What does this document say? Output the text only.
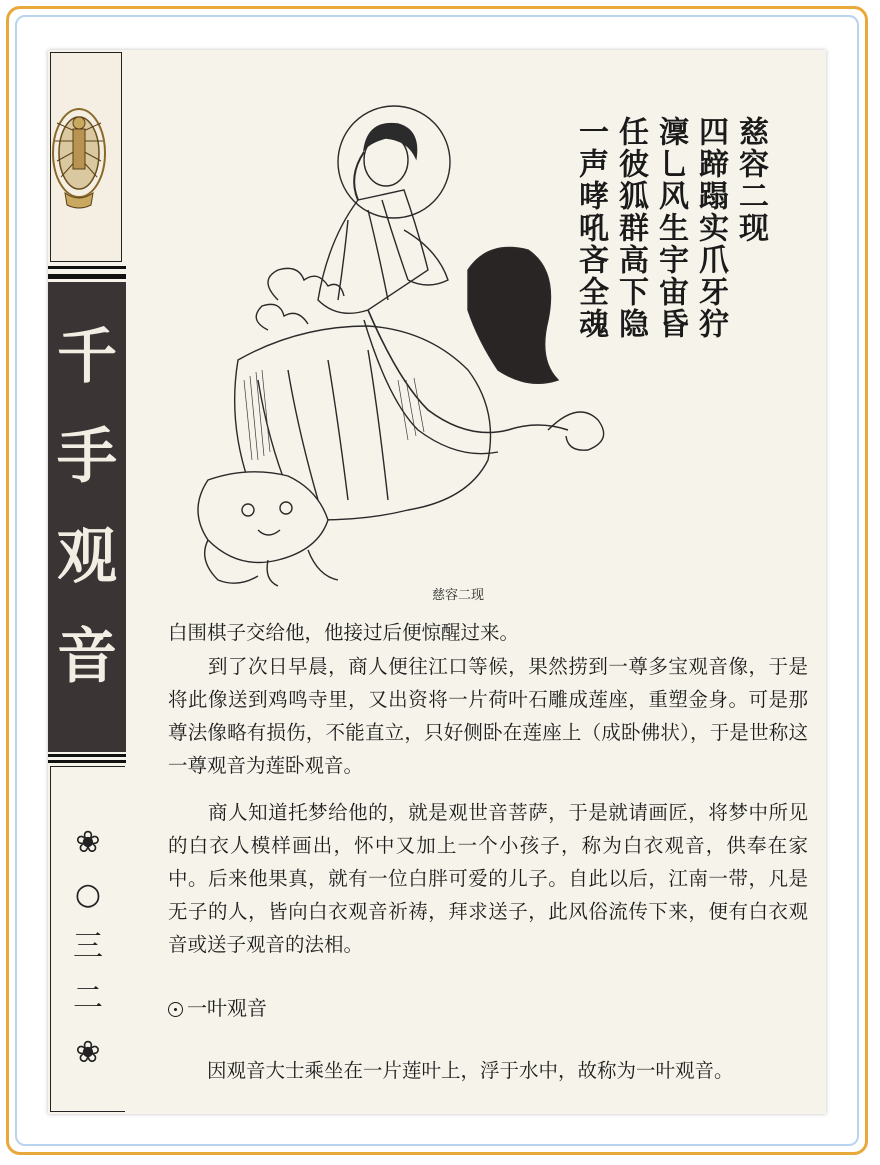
千
手
观
音
❀
○
三
二
❀
慈容二现
慈容二现
四蹄蹋实爪牙狞
澟乚风生宇宙昏
任彼狐群高下隐
一声哮吼吝全魂

白围棋子交给他，他接过后便惊醒过来。

　　到了次日早晨，商人便往江口等候，果然捞到一尊多宝观音像，于是将此像送到鸡鸣寺里，又出资将一片荷叶石雕成莲座，重塑金身。可是那尊法像略有损伤，不能直立，只好侧卧在莲座上（成卧佛状），于是世称这一尊观音为莲卧观音。

　　商人知道托梦给他的，就是观世音菩萨，于是就请画匠，将梦中所见的白衣人模样画出，怀中又加上一个小孩子，称为白衣观音，供奉在家中。后来他果真，就有一位白胖可爱的儿子。自此以后，江南一带，凡是无子的人，皆向白衣观音祈祷，拜求送子，此风俗流传下来，便有白衣观音或送子观音的法相。

一叶观音

　　因观音大士乘坐在一片莲叶上，浮于水中，故称为一叶观音。
